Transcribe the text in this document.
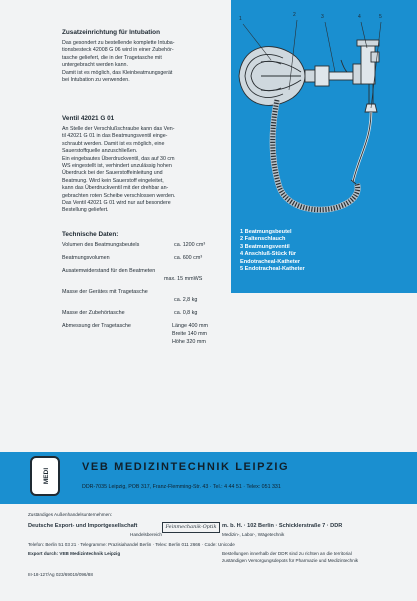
Zusatzeinrichtung für Intubation
Das gesondert zu bestellende komplette Intuba-
tionsbesteck 42008 G 06 wird in einer Zubehör-
tasche geliefert, die in der Tragetasche mit
untergebracht werden kann.
Damit ist es möglich, das Kleinbeatmungsgerät
bei Intubation zu verwenden.
Ventil 42021 G 01
An Stelle der Verschlußschraube kann das Ven-
til 42021 G 01 in das Beatmungsventil einge-
schraubt werden. Damit ist es möglich, eine
Sauerstoffquelle anzuschließen.
Ein eingebautes Überdruckventil, das auf 30 cm
WS eingestellt ist, verhindert unzulässig hohen
Überdruck bei der Sauerstoffeinleitung und
Beatmung. Wird kein Sauerstoff eingeleitet,
kann das Überdruckventil mit der drehbar an-
gebrachten roten Scheibe verschlossen werden.
Das Ventil 42021 G 01 wird nur auf besondere
Bestellung geliefert.
Technische Daten:
Volumen des Beatmungsbeutels	ca. 1200 cm³
Beatmungsvolumen	ca. 600 cm³
Ausatemwiderstand für den Beatmeten
max. 15 mmWS
Masse der Gerätes mit Tragetasche
ca. 2,8 kg
Masse der Zubehörtasche	ca. 0,8 kg
Abmessung der Tragetasche	Länge 400 mm
Breite 140 mm
Höhe 320 mm
1
2	3	4	5
1 Beatmungsbeutel
2 Faltenschlauch
3 Beatmungsventil
4 Anschluß-Stück für
Endotracheal-Katheter
5 Endotracheal-Katheter
MEDI
VEB MEDIZINTECHNIK LEIPZIG
DDR-7035 Leipzig, POB 317, Franz-Flemming-Str. 43 · Tel.: 4 44 51 · Telex: 051 331
Zuständiges Außenhandelsunternehmen:
Deutsche Export- und Importgesellschaft	Feinmechanik-Optik m. b. H. · 102 Berlin · Schicklerstraße 7 · DDR
Handelsbereich	Medizin-, Labor-, Wägetechnik
Telefon: Berlin 51 03 21 · Telegramme: Prazisiahandel Berlin · Telex: Berlin 011 2666 · Code: Unicode
Export durch: VEB Medizintechnik Leipzig	Bestellungen innerhalb der DDR sind zu richten an die territorial
zuständigen Versorgungsdepots für Pharmazie und Medizintechnik
III-18-127/Ag 023/69019/096/88
